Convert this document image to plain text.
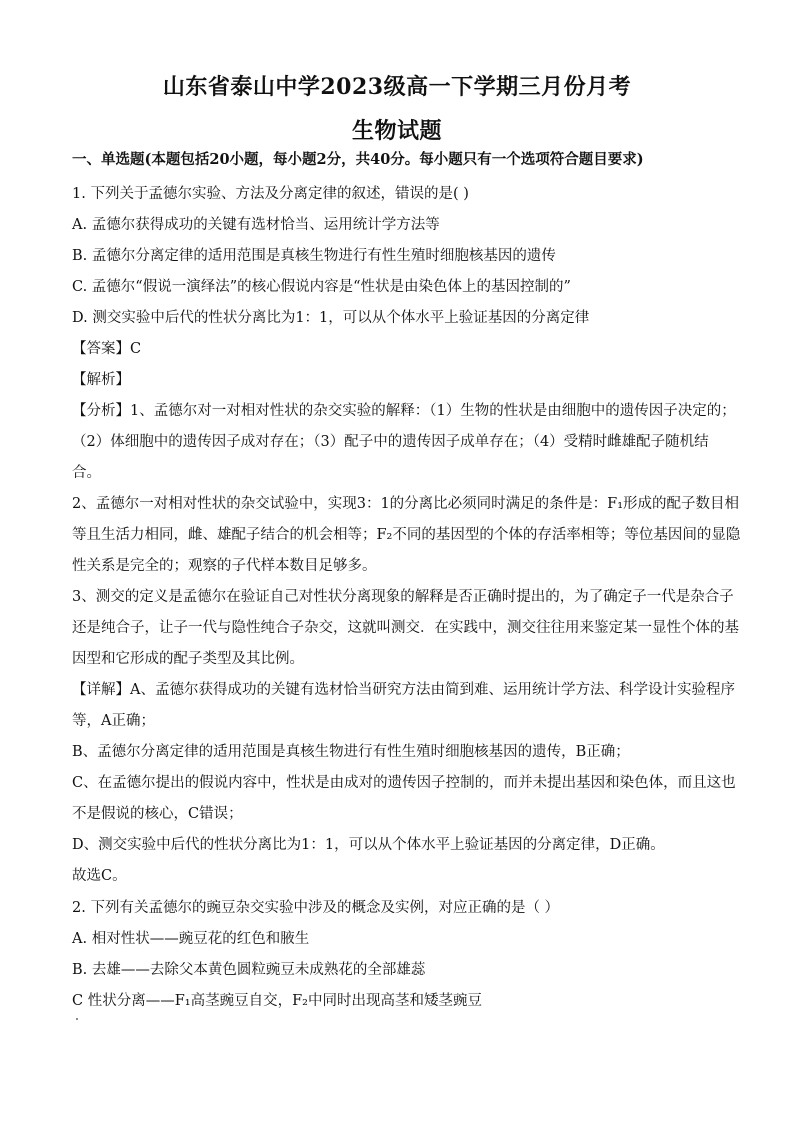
山东省泰山中学2023级高一下学期三月份月考
生物试题
一、单选题(本题包括20小题，每小题2分，共40分。每小题只有一个选项符合题目要求)
1. 下列关于孟德尔实验、方法及分离定律的叙述，错误的是( )
A. 孟德尔获得成功的关键有选材恰当、运用统计学方法等
B. 孟德尔分离定律的适用范围是真核生物进行有性生殖时细胞核基因的遗传
C. 孟德尔“假说一演绎法”的核心假说内容是“性状是由染色体上的基因控制的”
D. 测交实验中后代的性状分离比为1：1，可以从个体水平上验证基因的分离定律
【答案】C
【解析】
【分析】1、孟德尔对一对相对性状的杂交实验的解释：（1）生物的性状是由细胞中的遗传因子决定的；
（2）体细胞中的遗传因子成对存在；（3）配子中的遗传因子成单存在；（4）受精时雌雄配子随机结
合。
2、孟德尔一对相对性状的杂交试验中，实现3：1的分离比必须同时满足的条件是：F₁形成的配子数目相
等且生活力相同，雌、雄配子结合的机会相等；F₂不同的基因型的个体的存活率相等；等位基因间的显隐
性关系是完全的；观察的子代样本数目足够多。
3、测交的定义是孟德尔在验证自己对性状分离现象的解释是否正确时提出的，为了确定子一代是杂合子
还是纯合子，让子一代与隐性纯合子杂交，这就叫测交．在实践中，测交往往用来鉴定某一显性个体的基
因型和它形成的配子类型及其比例。
【详解】A、孟德尔获得成功的关键有选材恰当研究方法由简到难、运用统计学方法、科学设计实验程序
等，A正确；
B、孟德尔分离定律的适用范围是真核生物进行有性生殖时细胞核基因的遗传，B正确；
C、在孟德尔提出的假说内容中，性状是由成对的遗传因子控制的，而并未提出基因和染色体，而且这也
不是假说的核心，C错误；
D、测交实验中后代的性状分离比为1：1，可以从个体水平上验证基因的分离定律，D正确。
故选C。
2. 下列有关孟德尔的豌豆杂交实验中涉及的概念及实例，对应正确的是（ ）
A. 相对性状——豌豆花的红色和腋生
B. 去雄——去除父本黄色圆粒豌豆未成熟花的全部雄蕊
C 性状分离——F₁高茎豌豆自交，F₂中同时出现高茎和矮茎豌豆
